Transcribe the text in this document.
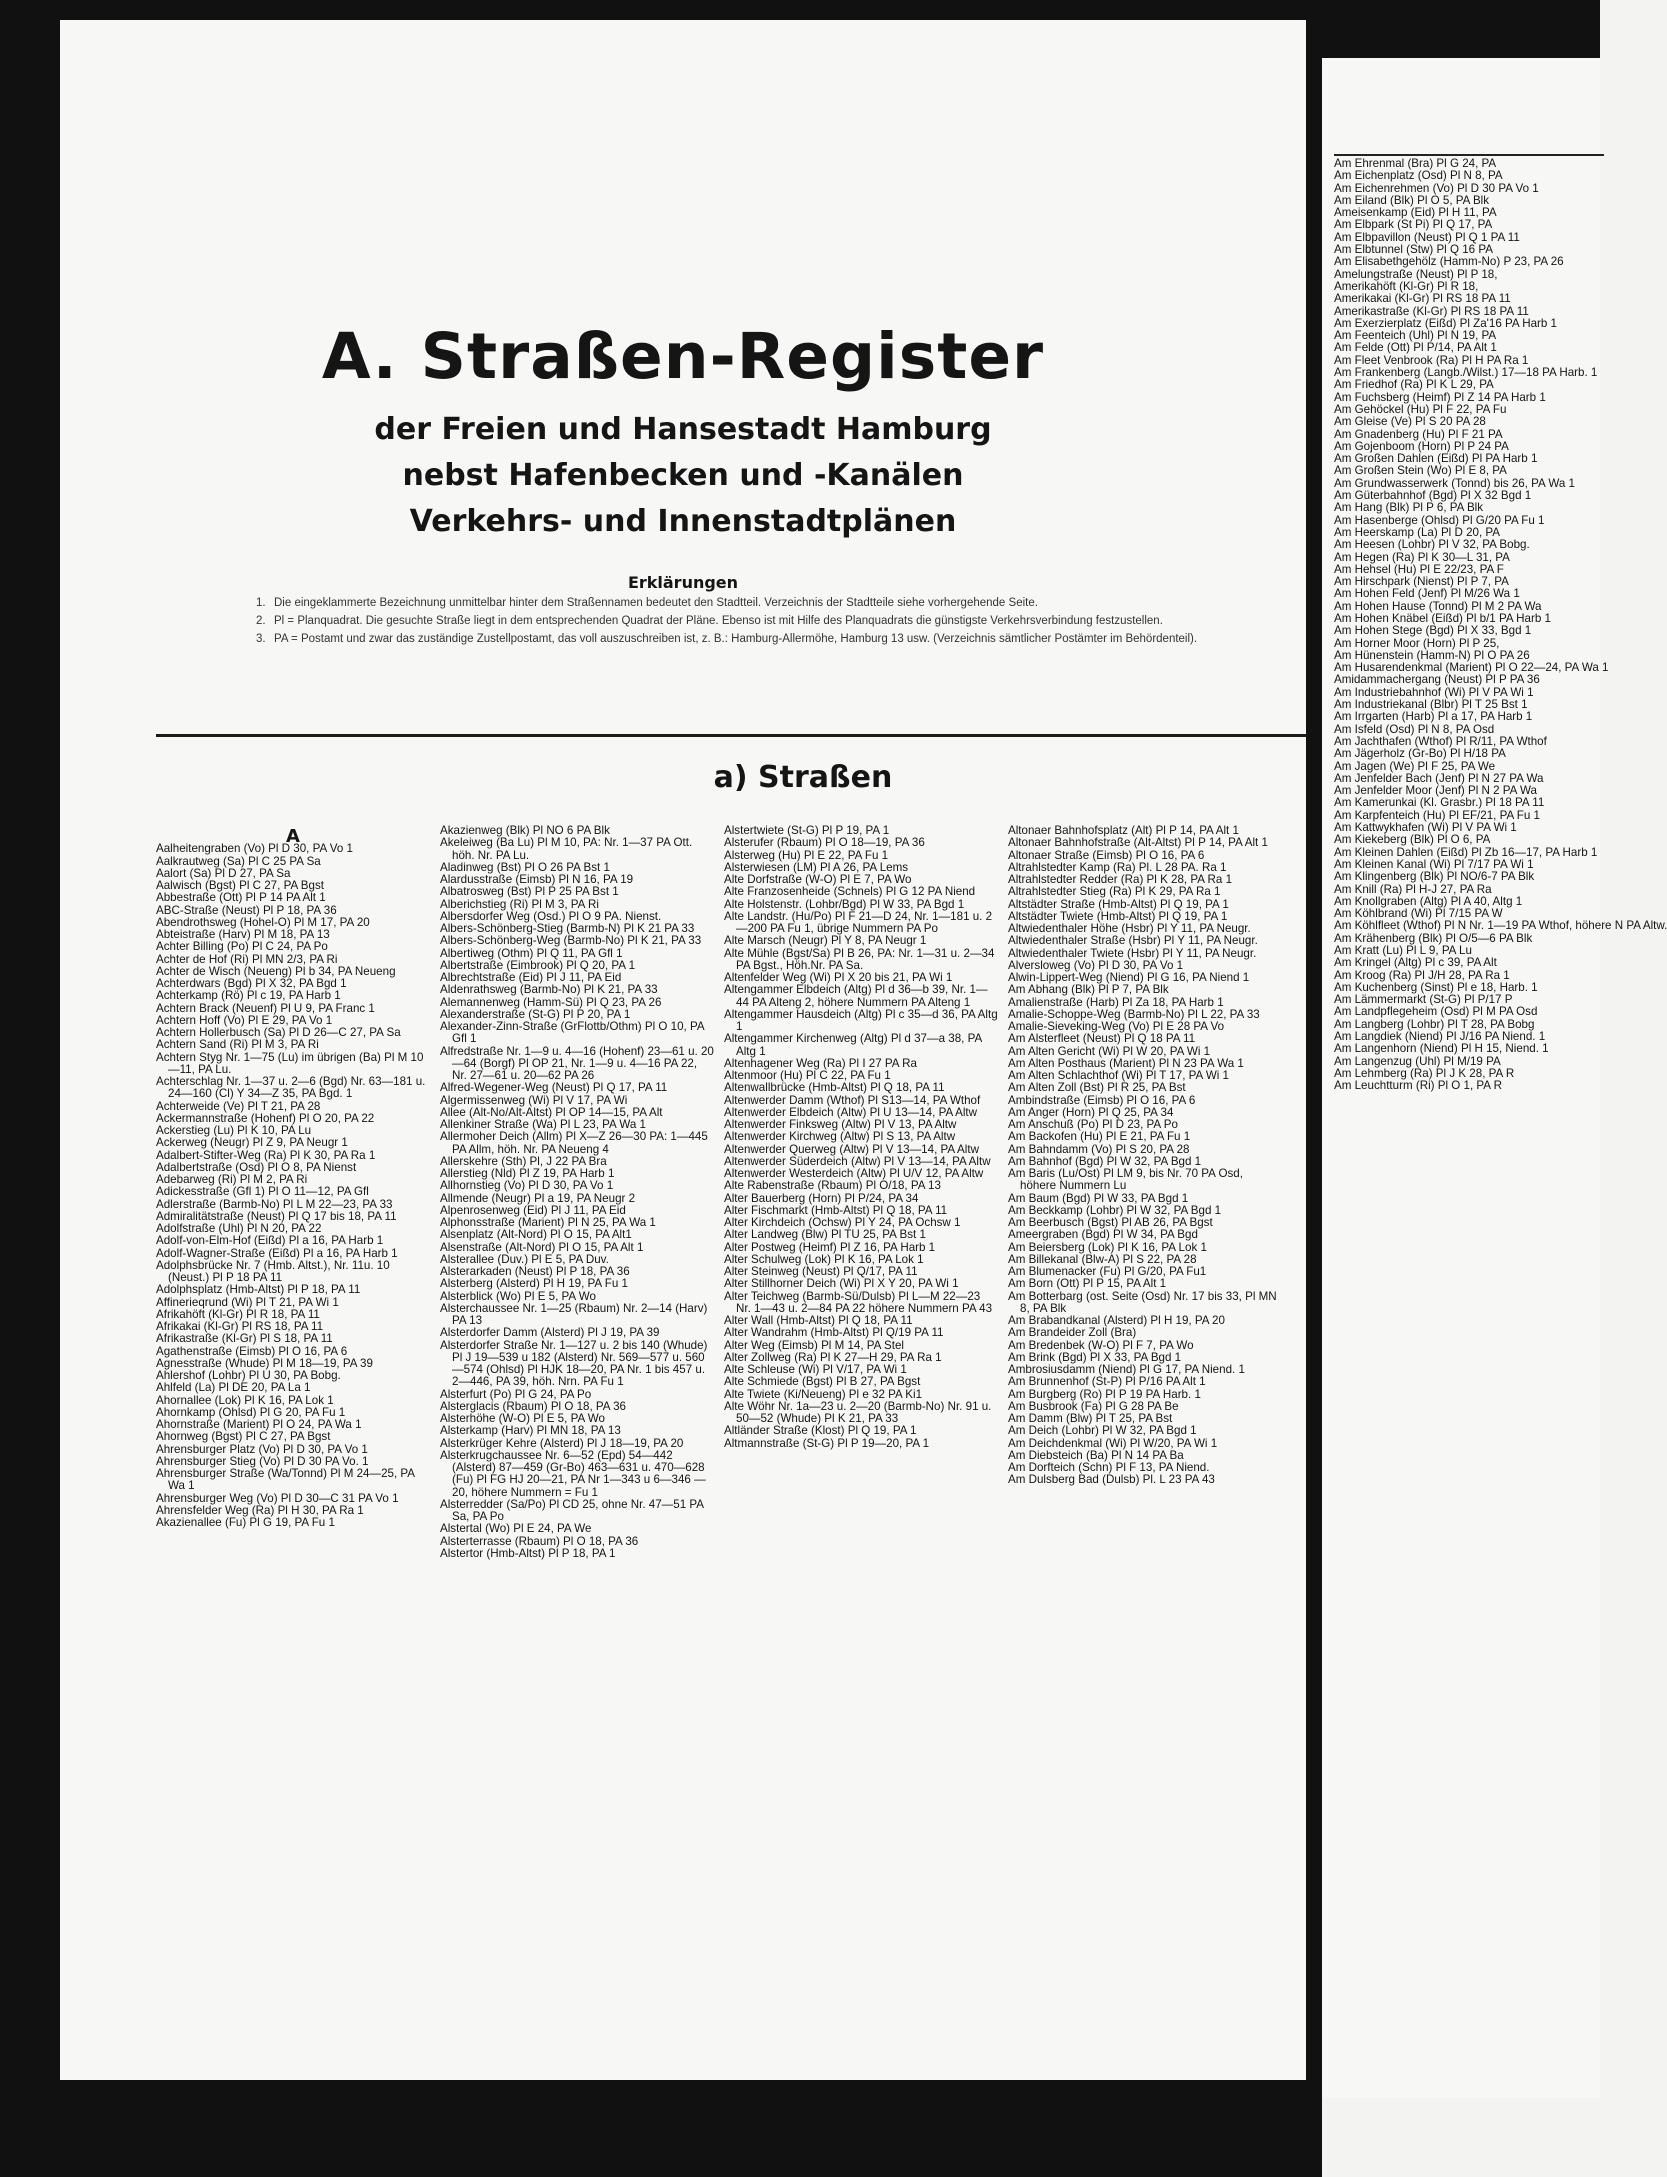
A. Straßen-Register
der Freien und Hansestadt Hamburg
nebst Hafenbecken und -Kanälen
Verkehrs- und Innenstadtplänen
Erklärungen
1. Die eingeklammerte Bezeichnung unmittelbar hinter dem Straßennamen bedeutet den Stadtteil. Verzeichnis der Stadtteile siehe vorhergehende Seite.
2. Pl = Planquadrat. Die gesuchte Straße liegt in dem entsprechenden Quadrat der Pläne. Ebenso ist mit Hilfe des Planquadrats die günstigste Verkehrsverbindung festzustellen.
3. PA = Postamt und zwar das zuständige Zustellpostamt, das voll auszuschreiben ist, z. B.: Hamburg-Allermöhe, Hamburg 13 usw. (Verzeichnis sämtlicher Postämter im Behördenteil).
a) Straßen

A

Aalheitengraben (Vo) Pl D 30, PA Vo 1

Aalkrautweg (Sa) Pl C 25 PA Sa

Aalort (Sa) Pl D 27, PA Sa

Aalwisch (Bgst) Pl C 27, PA Bgst

Abbestraße (Ott) Pl P 14 PA Alt 1

ABC-Straße (Neust) Pl P 18, PA 36

Abendrothsweg (Hohel-O) Pl M 17, PA 20

Abteistraße (Harv) Pl M 18, PA 13

Achter Billing (Po) Pl C 24, PA Po

Achter de Hof (Ri) Pl MN 2/3, PA Ri

Achter de Wisch (Neueng) Pl b 34, PA Neueng

Achterdwars (Bgd) Pl X 32, PA Bgd 1

Achterkamp (Rö) Pl c 19, PA Harb 1

Achtern Brack (Neuenf) Pl U 9, PA Franc 1

Achtern Hoff (Vo) Pl E 29, PA Vo 1

Achtern Hollerbusch (Sa) Pl D 26—C 27, PA Sa

Achtern Sand (Ri) Pl M 3, PA Ri

Achtern Styg Nr. 1—75 (Lu) im übrigen (Ba) Pl M 10—11, PA Lu.

Achterschlag Nr. 1—37 u. 2—6 (Bgd) Nr. 63—181 u. 24—160 (Cl) Y 34—Z 35, PA Bgd. 1

Achterweide (Ve) Pl T 21, PA 28

Ackermannstraße (Hohenf) Pl O 20, PA 22

Ackerstieg (Lu) Pl K 10, PA Lu

Ackerweg (Neugr) Pl Z 9, PA Neugr 1

Adalbert-Stifter-Weg (Ra) Pl K 30, PA Ra 1

Adalbertstraße (Osd) Pl O 8, PA Nienst

Adebarweg (Ri) Pl M 2, PA Ri

Adickesstraße (Gfl 1) Pl O 11—12, PA Gfl

Adlerstraße (Barmb-No) Pl L M 22—23, PA 33

Admiralitätstraße (Neust) Pl Q 17 bis 18, PA 11

Adolfstraße (Uhl) Pl N 20, PA 22

Adolf-von-Elm-Hof (Eißd) Pl a 16, PA Harb 1

Adolf-Wagner-Straße (Eißd) Pl a 16, PA Harb 1

Adolphsbrücke Nr. 7 (Hmb. Altst.), Nr. 11u. 10 (Neust.) Pl P 18 PA 11

Adolphsplatz (Hmb-Altst) Pl P 18, PA 11

Affinerieqrund (Wi) Pl T 21, PA Wi 1

Afrikahöft (Kl-Gr) Pl R 18, PA 11

Afrikakai (Kl-Gr) Pl RS 18, PA 11

Afrikastraße (Kl-Gr) Pl S 18, PA 11

Agathenstraße (Eimsb) Pl O 16, PA 6

Agnesstraße (Whude) Pl M 18—19, PA 39

Ahlershof (Lohbr) Pl U 30, PA Bobg.

Ahlfeld (La) Pl DE 20, PA La 1

Ahornallee (Lok) Pl K 16, PA Lok 1

Ahornkamp (Ohlsd) Pl G 20, PA Fu 1

Ahornstraße (Marient) Pl O 24, PA Wa 1

Ahornweg (Bgst) Pl C 27, PA Bgst

Ahrensburger Platz (Vo) Pl D 30, PA Vo 1

Ahrensburger Stieg (Vo) Pl D 30 PA Vo. 1

Ahrensburger Straße (Wa/Tonnd) Pl M 24—25, PA Wa 1

Ahrensburger Weg (Vo) Pl D 30—C 31 PA Vo 1

Ahrensfelder Weg (Ra) Pl H 30, PA Ra 1

Akazienallee (Fu) Pl G 19, PA Fu 1

Akazienweg (Blk) Pl NO 6 PA Blk

Akeleiweg (Ba Lu) Pl M 10, PA: Nr. 1—37 PA Ott. höh. Nr. PA Lu.

Aladinweg (Bst) Pl O 26 PA Bst 1

Alardusstraße (Eimsb) Pl N 16, PA 19

Albatrosweg (Bst) Pl P 25 PA Bst 1

Alberichstieg (Ri) Pl M 3, PA Ri

Albersdorfer Weg (Osd.) Pl O 9 PA. Nienst.

Albers-Schönberg-Stieg (Barmb-N) Pl K 21 PA 33

Albers-Schönberg-Weg (Barmb-No) Pl K 21, PA 33

Albertiweg (Othm) Pl Q 11, PA Gfl 1

Albertstraße (Eimbrook) Pl Q 20, PA 1

Albrechtstraße (Eid) Pl J 11, PA Eid

Aldenrathsweg (Barmb-No) Pl K 21, PA 33

Alemannenweg (Hamm-Sü) Pl Q 23, PA 26

Alexanderstraße (St-G) Pl P 20, PA 1

Alexander-Zinn-Straße (GrFlottb/Othm) Pl O 10, PA Gfl 1

Alfredstraße Nr. 1—9 u. 4—16 (Hohenf) 23—61 u. 20—64 (Borgf) Pl OP 21, Nr. 1—9 u. 4—16 PA 22, Nr. 27—61 u. 20—62 PA 26

Alfred-Wegener-Weg (Neust) Pl Q 17, PA 11

Algermissenweg (Wi) Pl V 17, PA Wi

Allee (Alt-No/Alt-Altst) Pl OP 14—15, PA Alt

Allenkiner Straße (Wa) Pl L 23, PA Wa 1

Allermoher Deich (Allm) Pl X—Z 26—30 PA: 1—445 PA Allm, höh. Nr. PA Neueng 4

Allerskehre (Sth) Pl, J 22 PA Bra

Allerstieg (Nld) Pl Z 19, PA Harb 1

Allhornstieg (Vo) Pl D 30, PA Vo 1

Allmende (Neugr) Pl a 19, PA Neugr 2

Alpenrosenweg (Eid) Pl J 11, PA Eid

Alphonsstraße (Marient) Pl N 25, PA Wa 1

Alsenplatz (Alt-Nord) Pl O 15, PA Alt1

Alsenstraße (Alt-Nord) Pl O 15, PA Alt 1

Alsterallee (Duv.) Pl E 5, PA Duv.

Alsterarkaden (Neust) Pl P 18, PA 36

Alsterberg (Alsterd) Pl H 19, PA Fu 1

Alsterblick (Wo) Pl E 5, PA Wo

Alsterchaussee Nr. 1—25 (Rbaum) Nr. 2—14 (Harv) PA 13

Alsterdorfer Damm (Alsterd) Pl J 19, PA 39

Alsterdorfer Straße Nr. 1—127 u. 2 bis 140 (Whude) Pl J 19—539 u 182 (Alsterd) Nr. 569—577 u. 560—574 (Ohlsd) Pl HJK 18—20, PA Nr. 1 bis 457 u. 2—446, PA 39, höh. Nrn. PA Fu 1

Alsterfurt (Po) Pl G 24, PA Po

Alsterglacis (Rbaum) Pl O 18, PA 36

Alsterhöhe (W-O) Pl E 5, PA Wo

Alsterkamp (Harv) Pl MN 18, PA 13

Alsterkrüger Kehre (Alsterd) Pl J 18—19, PA 20

Alsterkrugchaussee Nr. 6—52 (Epd) 54—442 (Alsterd) 87—459 (Gr-Bo) 463—631 u. 470—628 (Fu) Pl FG HJ 20—21, PA Nr 1—343 u 6—346 —20, höhere Nummern = Fu 1

Alsterredder (Sa/Po) Pl CD 25, ohne Nr. 47—51 PA Sa, PA Po

Alstertal (Wo) Pl E 24, PA We

Alsterterrasse (Rbaum) Pl O 18, PA 36

Alstertor (Hmb-Altst) Pl P 18, PA 1

Alstertwiete (St-G) Pl P 19, PA 1

Alsterufer (Rbaum) Pl O 18—19, PA 36

Alsterweg (Hu) Pl E 22, PA Fu 1

Alsterwiesen (LM) Pl A 26, PA Lems

Alte Dorfstraße (W-O) Pl E 7, PA Wo

Alte Franzosenheide (Schnels) Pl G 12 PA Niend

Alte Holstenstr. (Lohbr/Bgd) Pl W 33, PA Bgd 1

Alte Landstr. (Hu/Po) Pl F 21—D 24, Nr. 1—181 u. 2—200 PA Fu 1, übrige Nummern PA Po

Alte Marsch (Neugr) Pl Y 8, PA Neugr 1

Alte Mühle (Bgst/Sa) Pl B 26, PA: Nr. 1—31 u. 2—34 PA Bgst., Höh.Nr. PA Sa.

Altenfelder Weg (Wi) Pl X 20 bis 21, PA Wi 1

Altengammer Elbdeich (Altg) Pl d 36—b 39, Nr. 1—44 PA Alteng 2, höhere Nummern PA Alteng 1

Altengammer Hausdeich (Altg) Pl c 35—d 36, PA Altg 1

Altengammer Kirchenweg (Altg) Pl d 37—a 38, PA Altg 1

Altenhagener Weg (Ra) Pl I 27 PA Ra

Altenmoor (Hu) Pl C 22, PA Fu 1

Altenwallbrücke (Hmb-Altst) Pl Q 18, PA 11

Altenwerder Damm (Wthof) Pl S13—14, PA Wthof

Altenwerder Elbdeich (Altw) Pl U 13—14, PA Altw

Altenwerder Finksweg (Altw) Pl V 13, PA Altw

Altenwerder Kirchweg (Altw) Pl S 13, PA Altw

Altenwerder Querweg (Altw) Pl V 13—14, PA Altw

Altenwerder Süderdeich (Altw) Pl V 13—14, PA Altw

Altenwerder Westerdeich (Altw) Pl U/V 12, PA Altw

Alte Rabenstraße (Rbaum) Pl O/18, PA 13

Alter Bauerberg (Horn) Pl P/24, PA 34

Alter Fischmarkt (Hmb-Altst) Pl Q 18, PA 11

Alter Kirchdeich (Ochsw) Pl Y 24, PA Ochsw 1

Alter Landweg (Blw) Pl TU 25, PA Bst 1

Alter Postweg (Heimf) Pl Z 16, PA Harb 1

Alter Schulweg (Lok) Pl K 16, PA Lok 1

Alter Steinweg (Neust) Pl Q/17, PA 11

Alter Stillhorner Deich (Wi) Pl X Y 20, PA Wi 1

Alter Teichweg (Barmb-Sü/Dulsb) Pl L—M 22—23 Nr. 1—43 u. 2—84 PA 22 höhere Nummern PA 43

Alter Wall (Hmb-Altst) Pl Q 18, PA 11

Alter Wandrahm (Hmb-Altst) Pl Q/19 PA 11

Alter Weg (Eimsb) Pl M 14, PA Stel

Alter Zollweg (Ra) Pl K 27—H 29, PA Ra 1

Alte Schleuse (Wi) Pl V/17, PA Wi 1

Alte Schmiede (Bgst) Pl B 27, PA Bgst

Alte Twiete (Ki/Neueng) Pl e 32 PA Ki1

Alte Wöhr Nr. 1a—23 u. 2—20 (Barmb-No) Nr. 91 u. 50—52 (Whude) Pl K 21, PA 33

Altländer Straße (Klost) Pl Q 19, PA 1

Altmannstraße (St-G) Pl P 19—20, PA 1

Altonaer Bahnhofsplatz (Alt) Pl P 14, PA Alt 1

Altonaer Bahnhofstraße (Alt-Altst) Pl P 14, PA Alt 1

Altonaer Straße (Eimsb) Pl O 16, PA 6

Altrahlstedter Kamp (Ra) Pl. L 28 PA. Ra 1

Altrahlstedter Redder (Ra) Pl K 28, PA Ra 1

Altrahlstedter Stieg (Ra) Pl K 29, PA Ra 1

Altstädter Straße (Hmb-Altst) Pl Q 19, PA 1

Altstädter Twiete (Hmb-Altst) Pl Q 19, PA 1

Altwiedenthaler Höhe (Hsbr) Pl Y 11, PA Neugr.

Altwiedenthaler Straße (Hsbr) Pl Y 11, PA Neugr.

Altwiedenthaler Twiete (Hsbr) Pl Y 11, PA Neugr.

Alversloweg (Vo) Pl D 30, PA Vo 1

Alwin-Lippert-Weg (Niend) Pl G 16, PA Niend 1

Am Abhang (Blk) Pl P 7, PA Blk

Amalienstraße (Harb) Pl Za 18, PA Harb 1

Amalie-Schoppe-Weg (Barmb-No) Pl L 22, PA 33

Amalie-Sieveking-Weg (Vo) Pl E 28 PA Vo

Am Alsterfleet (Neust) Pl Q 18 PA 11

Am Alten Gericht (Wi) Pl W 20, PA Wi 1

Am Alten Posthaus (Marient) Pl N 23 PA Wa 1

Am Alten Schlachthof (Wi) Pl T 17, PA Wi 1

Am Alten Zoll (Bst) Pl R 25, PA Bst

Ambindstraße (Eimsb) Pl O 16, PA 6

Am Anger (Horn) Pl Q 25, PA 34

Am Anschuß (Po) Pl D 23, PA Po

Am Backofen (Hu) Pl E 21, PA Fu 1

Am Bahndamm (Vo) Pl S 20, PA 28

Am Bahnhof (Bgd) Pl W 32, PA Bgd 1

Am Baris (Lu/Ost) Pl LM 9, bis Nr. 70 PA Osd, höhere Nummern Lu

Am Baum (Bgd) Pl W 33, PA Bgd 1

Am Beckkamp (Lohbr) Pl W 32, PA Bgd 1

Am Beerbusch (Bgst) Pl AB 26, PA Bgst

Ameergraben (Bgd) Pl W 34, PA Bgd

Am Beiersberg (Lok) Pl K 16, PA Lok 1

Am Billekanal (Blw-A) Pl S 22, PA 28

Am Blumenacker (Fu) Pl G/20, PA Fu1

Am Born (Ott) Pl P 15, PA Alt 1

Am Botterbarg (ost. Seite (Osd) Nr. 17 bis 33, Pl MN 8, PA Blk

Am Brabandkanal (Alsterd) Pl H 19, PA 20

Am Brandeider Zoll (Bra)

Am Bredenbek (W-O) Pl F 7, PA Wo

Am Brink (Bgd) Pl X 33, PA Bgd 1

Ambrosiusdamm (Niend) Pl G 17, PA Niend. 1

Am Brunnenhof (St-P) Pl P/16 PA Alt 1

Am Burgberg (Ro) Pl P 19 PA Harb. 1

Am Busbrook (Fa) Pl G 28 PA Be

Am Damm (Blw) Pl T 25, PA Bst

Am Deich (Lohbr) Pl W 32, PA Bgd 1

Am Deichdenkmal (Wi) Pl W/20, PA Wi 1

Am Diebsteich (Ba) Pl N 14 PA Ba

Am Dorfteich (Schn) Pl F 13, PA Niend.

Am Dulsberg Bad (Dulsb) Pl. L 23 PA 43

Am Ehrenmal (Bra) Pl G 24, PA

Am Eichenplatz (Osd) Pl N 8, PA

Am Eichenrehmen (Vo) Pl D 30 PA Vo 1

Am Eiland (Blk) Pl O 5, PA Blk

Ameisenkamp (Eid) Pl H 11, PA

Am Elbpark (St Pi) Pl Q 17, PA

Am Elbpavillon (Neust) Pl Q 1 PA 11

Am Elbtunnel (Stw) Pl Q 16 PA

Am Elisabethgehölz (Hamm-No) P 23, PA 26

Amelungstraße (Neust) Pl P 18,

Amerikahöft (Kl-Gr) Pl R 18,

Amerikakai (Kl-Gr) Pl RS 18 PA 11

Amerikastraße (Kl-Gr) Pl RS 18 PA 11

Am Exerzierplatz (Eißd) Pl Za'16 PA Harb 1

Am Feenteich (Uhl) Pl N 19, PA

Am Felde (Ott) Pl P/14, PA Alt 1

Am Fleet Venbrook (Ra) Pl H PA Ra 1

Am Frankenberg (Langb./Wilst.) 17—18 PA Harb. 1

Am Friedhof (Ra) Pl K L 29, PA

Am Fuchsberg (Heimf) Pl Z 14 PA Harb 1

Am Gehöckel (Hu) Pl F 22, PA Fu

Am Gleise (Ve) Pl S 20 PA 28

Am Gnadenberg (Hu) Pl F 21 PA

Am Gojenboom (Horn) Pl P 24 PA

Am Großen Dahlen (Eißd) Pl PA Harb 1

Am Großen Stein (Wo) Pl E 8, PA

Am Grundwasserwerk (Tonnd) bis 26, PA Wa 1

Am Güterbahnhof (Bgd) Pl X 32 Bgd 1

Am Hang (Blk) Pl P 6, PA Blk

Am Hasenberge (Ohlsd) Pl G/20 PA Fu 1

Am Heerskamp (La) Pl D 20, PA

Am Heesen (Lohbr) Pl V 32, PA Bobg.

Am Hegen (Ra) Pl K 30—L 31, PA

Am Hehsel (Hu) Pl E 22/23, PA F

Am Hirschpark (Nienst) Pl P 7, PA

Am Hohen Feld (Jenf) Pl M/26 Wa 1

Am Hohen Hause (Tonnd) Pl M 2 PA Wa

Am Hohen Knäbel (Eißd) Pl b/1 PA Harb 1

Am Hohen Stege (Bgd) Pl X 33, Bgd 1

Am Horner Moor (Horn) Pl P 25,

Am Hünenstein (Hamm-N) Pl O PA 26

Am Husarendenkmal (Marient) Pl O 22—24, PA Wa 1

Amidammachergang (Neust) Pl P PA 36

Am Industriebahnhof (Wi) Pl V PA Wi 1

Am Industriekanal (Blbr) Pl T 25 Bst 1

Am Irrgarten (Harb) Pl a 17, PA Harb 1

Am Isfeld (Osd) Pl N 8, PA Osd

Am Jachthafen (Wthof) Pl R/11, PA Wthof

Am Jägerholz (Gr-Bo) Pl H/18 PA

Am Jagen (We) Pl F 25, PA We

Am Jenfelder Bach (Jenf) Pl N 27 PA Wa

Am Jenfelder Moor (Jenf) Pl N 2 PA Wa

Am Kamerunkai (Kl. Grasbr.) Pl 18 PA 11

Am Karpfenteich (Hu) Pl EF/21, PA Fu 1

Am Kattwykhafen (Wi) Pl V PA Wi 1

Am Kiekeberg (Blk) Pl O 6, PA

Am Kleinen Dahlen (Eißd) Pl Zb 16—17, PA Harb 1

Am Kleinen Kanal (Wi) Pl 7/17 PA Wi 1

Am Klingenberg (Blk) Pl NO/6-7 PA Blk

Am Knill (Ra) Pl H-J 27, PA Ra

Am Knollgraben (Altg) Pl A 40, Altg 1

Am Köhlbrand (Wi) Pl 7/15 PA W

Am Köhlfleet (Wthof) Pl N Nr. 1—19 PA Wthof, höhere N PA Altw.

Am Krähenberg (Blk) Pl O/5—6 PA Blk

Am Kratt (Lu) Pl L 9, PA Lu

Am Kringel (Altg) Pl c 39, PA Alt

Am Kroog (Ra) Pl J/H 28, PA Ra 1

Am Kuchenberg (Sinst) Pl e 18, Harb. 1

Am Lämmermarkt (St-G) Pl P/17 P

Am Landpflegeheim (Osd) Pl M PA Osd

Am Langberg (Lohbr) Pl T 28, PA Bobg

Am Langdiek (Niend) Pl J/16 PA Niend. 1

Am Langenhorn (Niend) Pl H 15, Niend. 1

Am Langenzug (Uhl) Pl M/19 PA

Am Lehmberg (Ra) Pl J K 28, PA R

Am Leuchtturm (Ri) Pl O 1, PA R
